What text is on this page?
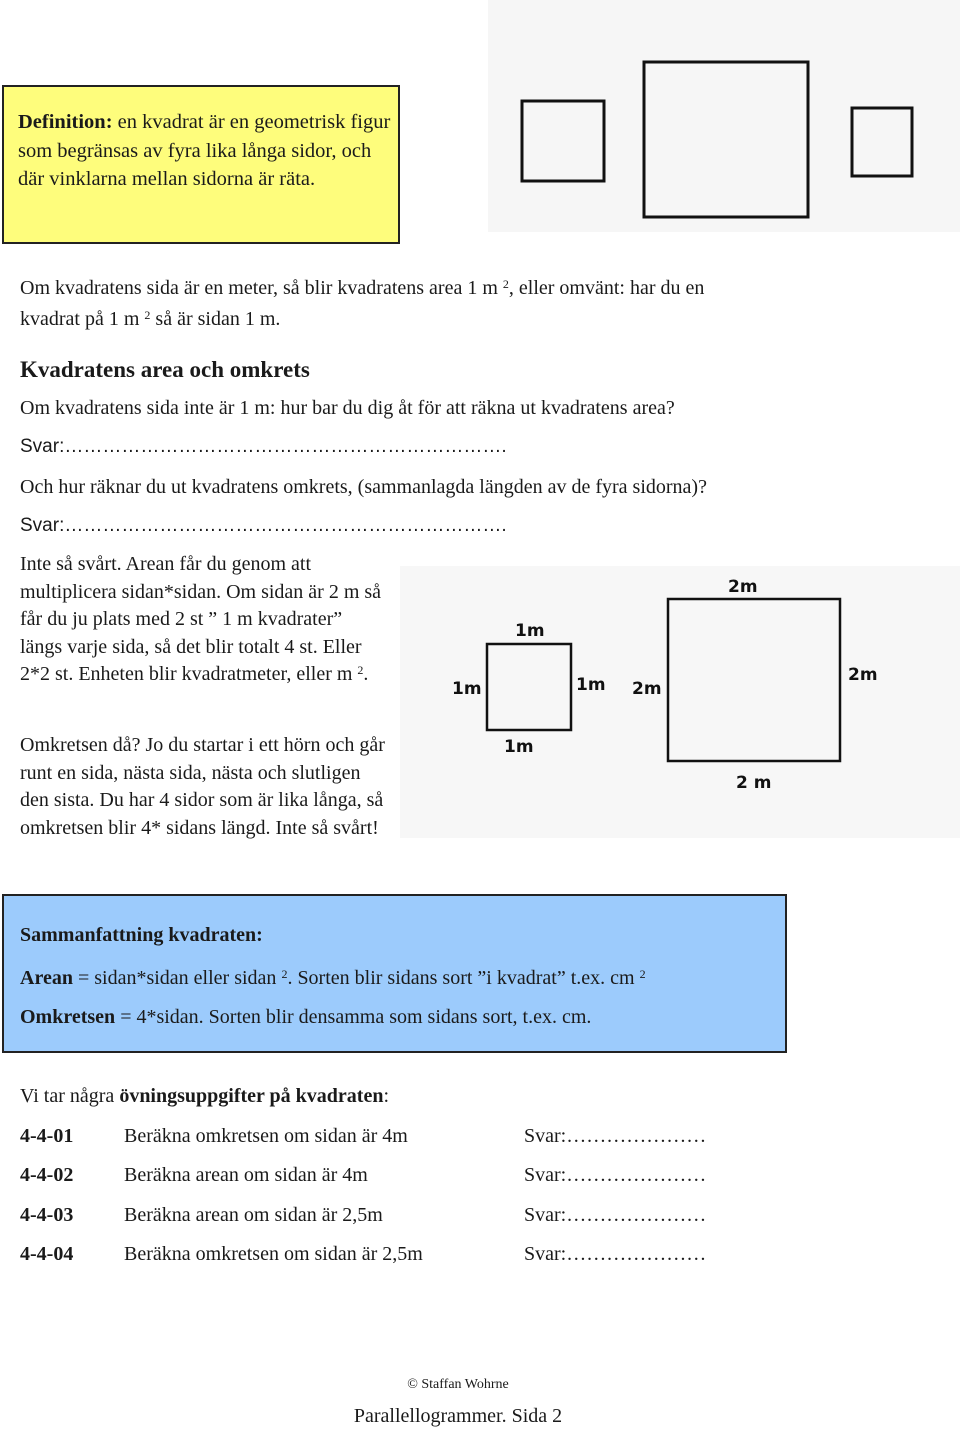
Definition: en kvadrat är en geometrisk figur som begränsas av fyra lika långa sidor, och där vinklarna mellan sidorna är räta.
Om kvadratens sida är en meter, så blir kvadratens area 1 m $^2$, eller omvänt: har du en
kvadrat på 1 m $^2$ så är sidan 1 m.
Kvadratens area och omkrets
Om kvadratens sida inte är 1 m: hur bar du dig åt för att räkna ut kvadratens area?
Svar:…………………………………………………………….
Och hur räknar du ut kvadratens omkrets, (sammanlagda längden av de fyra sidorna)?
Svar:…………………………………………………………….
Inte så svårt. Arean får du genom att multiplicera sidan*sidan. Om sidan är 2 m så får du ju plats med 2 st ” 1 m kvadrater” längs varje sida, så det blir totalt 4 st. Eller 2*2 st. Enheten blir kvadratmeter, eller m $^2$.
Omkretsen då? Jo du startar i ett hörn och går runt en sida, nästa sida, nästa och slutligen den sista. Du har 4 sidor som är lika långa, så omkretsen blir 4* sidans längd. Inte så svårt!
1m
1m	1m
1m
2m
2m
2m
2 m
Sammanfattning kvadraten:
Arean = sidan*sidan eller sidan $^2$. Sorten blir sidans sort ”i kvadrat” t.ex. cm $^2$
Omkretsen = 4*sidan. Sorten blir densamma som sidans sort, t.ex. cm.
Vi tar några övningsuppgifter på kvadraten:
4-4-01	Beräkna omkretsen om sidan är 4m	Svar:…………………
4-4-02	Beräkna arean om sidan är 4m	Svar:…………………
4-4-03	Beräkna arean om sidan är 2,5m	Svar:…………………
4-4-04	Beräkna omkretsen om sidan är 2,5m	Svar:…………………
© Staffan Wohrne
Parallellogrammer. Sida 2
